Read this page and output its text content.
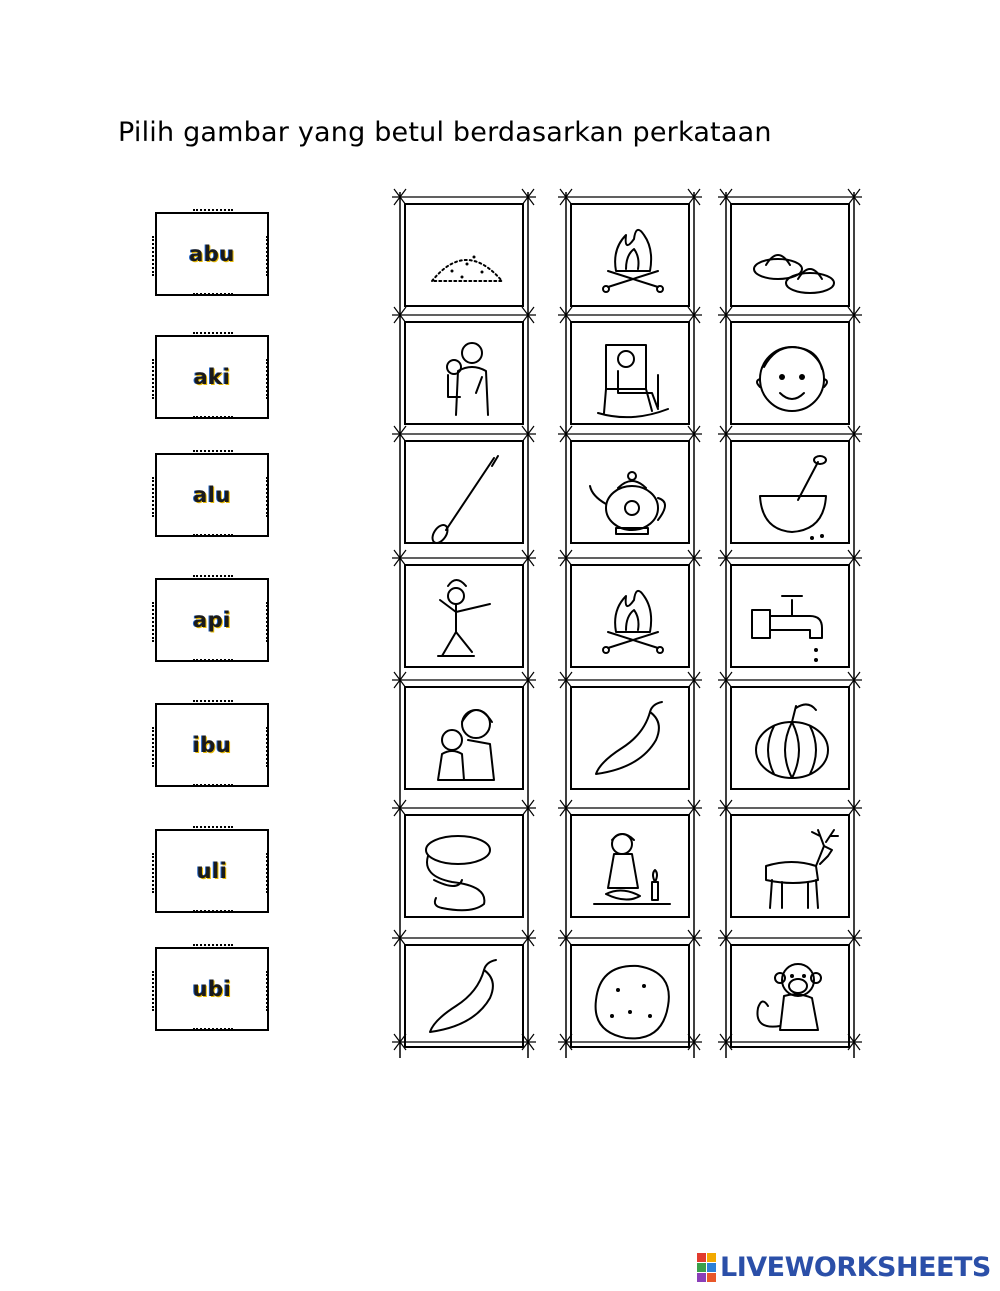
Pilih gambar yang betul berdasarkan perkataan
abu
aki
alu
api
ibu
uli
ubi
LIVEWORKSHEETS
